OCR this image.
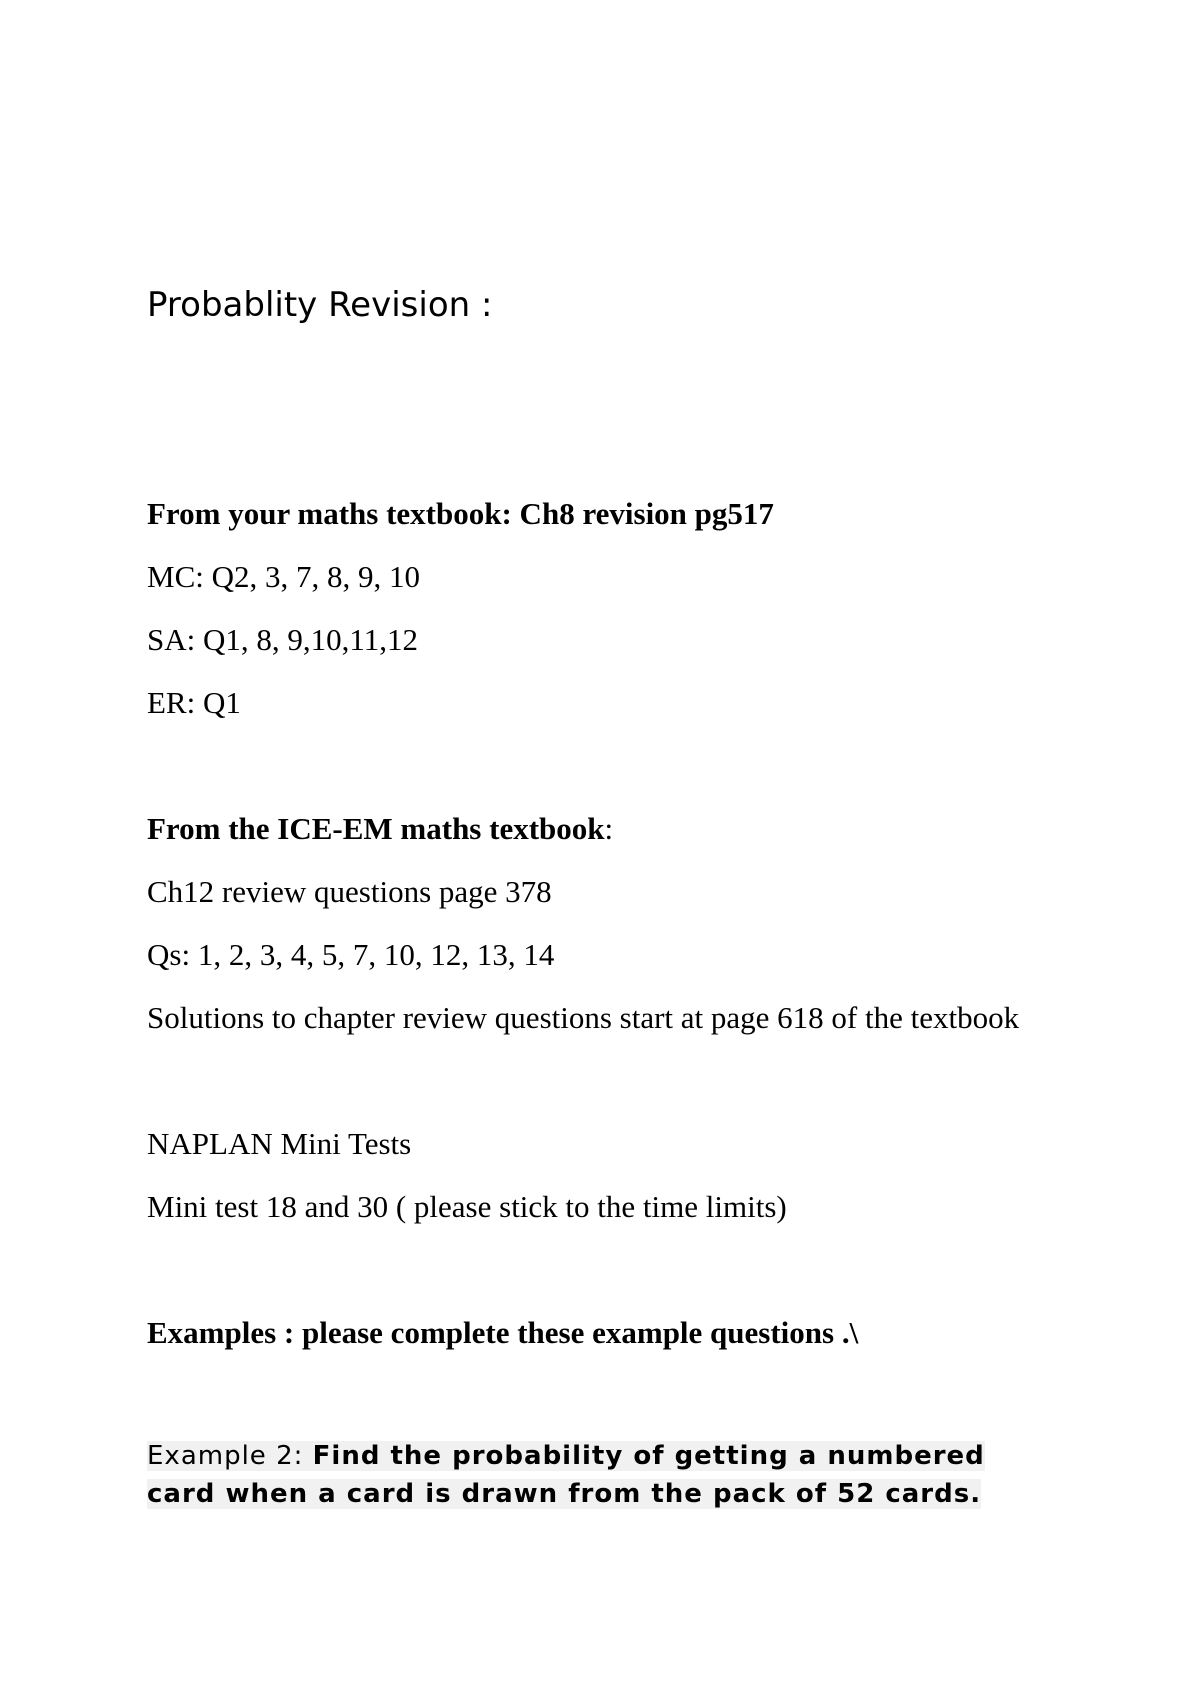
Probablity Revision :
From your maths textbook: Ch8 revision pg517
MC: Q2, 3, 7, 8, 9, 10
SA: Q1, 8, 9,10,11,12
ER: Q1
From the ICE-EM maths textbook:
Ch12 review questions page 378
Qs: 1, 2, 3, 4, 5, 7, 10, 12, 13, 14
Solutions to chapter review questions start at page 618 of the textbook
NAPLAN Mini Tests
Mini test 18 and 30 ( please stick to the time limits)
Examples : please complete these example questions .\
Example 2: Find the probability of getting a numbered
card when a card is drawn from the pack of 52 cards.
